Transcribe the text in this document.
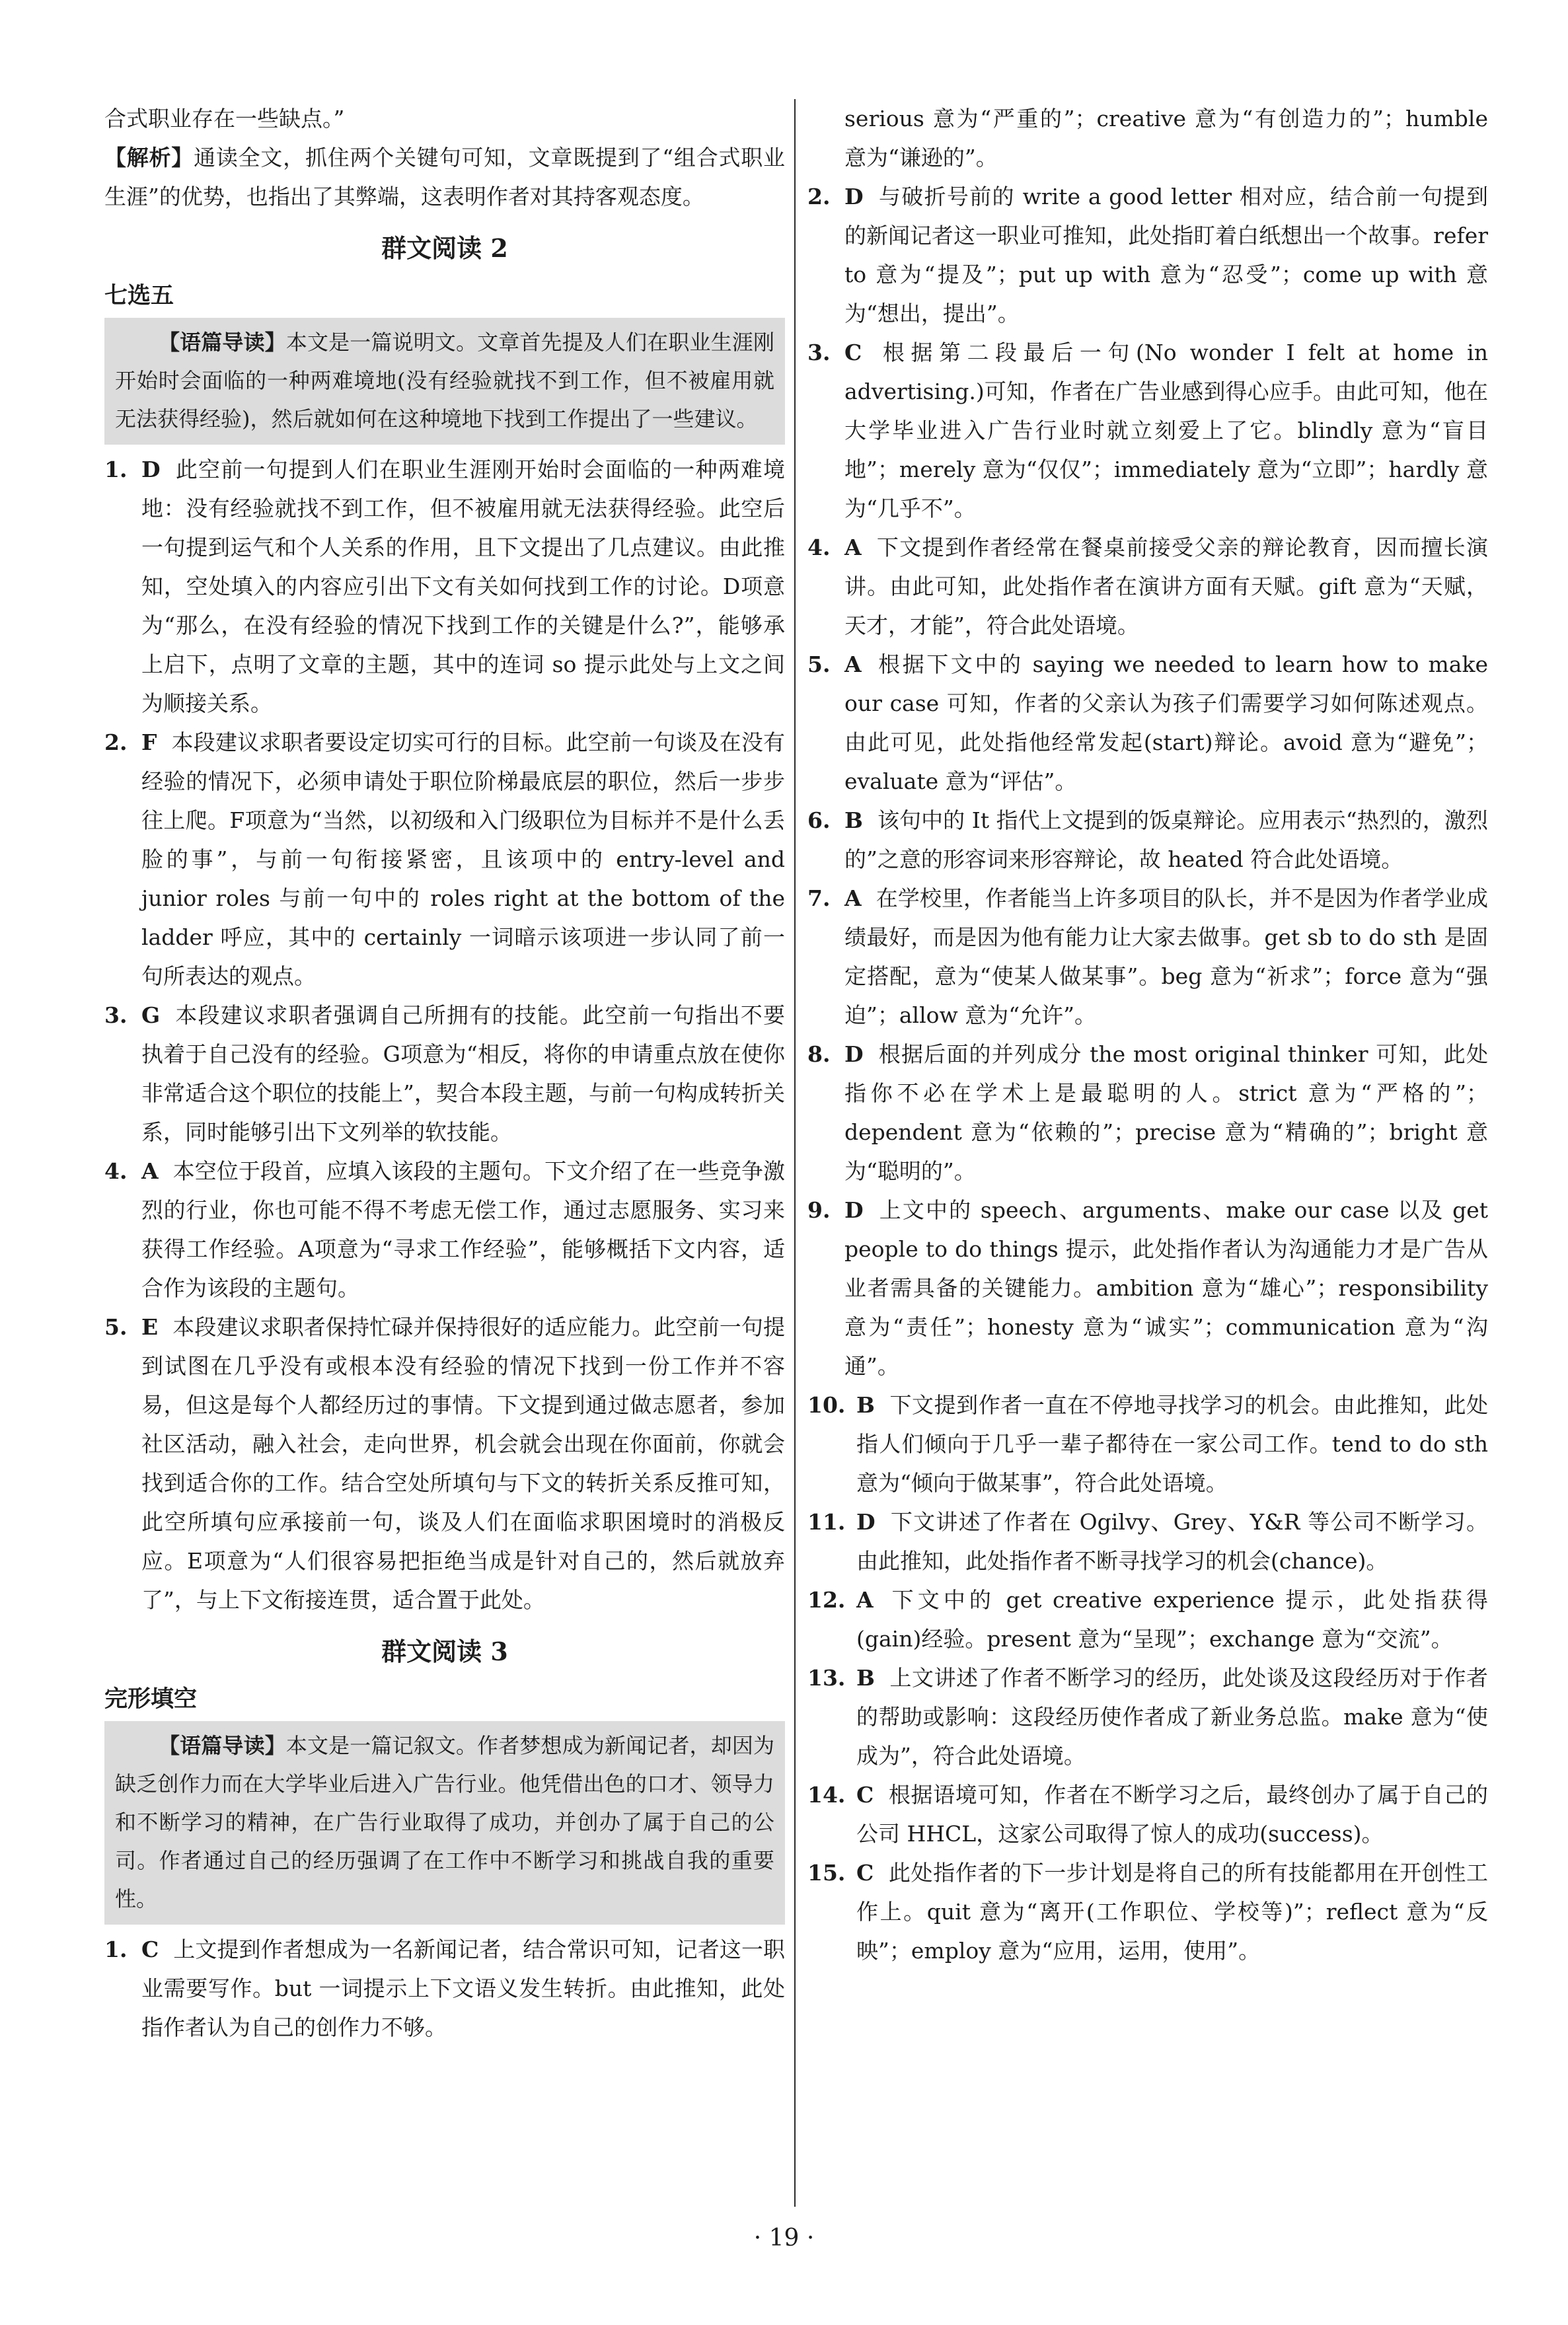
合式职业存在一些缺点。”

【解析】通读全文，抓住两个关键句可知，文章既提到了“组合式职业生涯”的优势，也指出了其弊端，这表明作者对其持客观态度。

群文阅读 2
七选五

【语篇导读】本文是一篇说明文。文章首先提及人们在职业生涯刚开始时会面临的一种两难境地(没有经验就找不到工作，但不被雇用就无法获得经验)，然后就如何在这种境地下找到工作提出了一些建议。

1. D 此空前一句提到人们在职业生涯刚开始时会面临的一种两难境地：没有经验就找不到工作，但不被雇用就无法获得经验。此空后一句提到运气和个人关系的作用，且下文提出了几点建议。由此推知，空处填入的内容应引出下文有关如何找到工作的讨论。D项意为“那么，在没有经验的情况下找到工作的关键是什么?”，能够承上启下，点明了文章的主题，其中的连词 so 提示此处与上文之间为顺接关系。

2. F 本段建议求职者要设定切实可行的目标。此空前一句谈及在没有经验的情况下，必须申请处于职位阶梯最底层的职位，然后一步步往上爬。F项意为“当然，以初级和入门级职位为目标并不是什么丢脸的事”，与前一句衔接紧密，且该项中的 entry-level and junior roles 与前一句中的 roles right at the bottom of the ladder 呼应，其中的 certainly 一词暗示该项进一步认同了前一句所表达的观点。

3. G 本段建议求职者强调自己所拥有的技能。此空前一句指出不要执着于自己没有的经验。G项意为“相反，将你的申请重点放在使你非常适合这个职位的技能上”，契合本段主题，与前一句构成转折关系，同时能够引出下文列举的软技能。

4. A 本空位于段首，应填入该段的主题句。下文介绍了在一些竞争激烈的行业，你也可能不得不考虑无偿工作，通过志愿服务、实习来获得工作经验。A项意为“寻求工作经验”，能够概括下文内容，适合作为该段的主题句。

5. E 本段建议求职者保持忙碌并保持很好的适应能力。此空前一句提到试图在几乎没有或根本没有经验的情况下找到一份工作并不容易，但这是每个人都经历过的事情。下文提到通过做志愿者，参加社区活动，融入社会，走向世界，机会就会出现在你面前，你就会找到适合你的工作。结合空处所填句与下文的转折关系反推可知，此空所填句应承接前一句，谈及人们在面临求职困境时的消极反应。E项意为“人们很容易把拒绝当成是针对自己的，然后就放弃了”，与上下文衔接连贯，适合置于此处。

群文阅读 3
完形填空

【语篇导读】本文是一篇记叙文。作者梦想成为新闻记者，却因为缺乏创作力而在大学毕业后进入广告行业。他凭借出色的口才、领导力和不断学习的精神，在广告行业取得了成功，并创办了属于自己的公司。作者通过自己的经历强调了在工作中不断学习和挑战自我的重要性。

1. C 上文提到作者想成为一名新闻记者，结合常识可知，记者这一职业需要写作。but 一词提示上下文语义发生转折。由此推知，此处指作者认为自己的创作力不够。

serious 意为“严重的”；creative 意为“有创造力的”；humble 意为“谦逊的”。

2. D 与破折号前的 write a good letter 相对应，结合前一句提到的新闻记者这一职业可推知，此处指盯着白纸想出一个故事。refer to 意为“提及”；put up with 意为“忍受”；come up with 意为“想出，提出”。

3. C 根据第二段最后一句(No wonder I felt at home in advertising.)可知，作者在广告业感到得心应手。由此可知，他在大学毕业进入广告行业时就立刻爱上了它。blindly 意为“盲目地”；merely 意为“仅仅”；immediately 意为“立即”；hardly 意为“几乎不”。

4. A 下文提到作者经常在餐桌前接受父亲的辩论教育，因而擅长演讲。由此可知，此处指作者在演讲方面有天赋。gift 意为“天赋，天才，才能”，符合此处语境。

5. A 根据下文中的 saying we needed to learn how to make our case 可知，作者的父亲认为孩子们需要学习如何陈述观点。由此可见，此处指他经常发起(start)辩论。avoid 意为“避免”；evaluate 意为“评估”。

6. B 该句中的 It 指代上文提到的饭桌辩论。应用表示“热烈的，激烈的”之意的形容词来形容辩论，故 heated 符合此处语境。

7. A 在学校里，作者能当上许多项目的队长，并不是因为作者学业成绩最好，而是因为他有能力让大家去做事。get sb to do sth 是固定搭配，意为“使某人做某事”。beg 意为“祈求”；force 意为“强迫”；allow 意为“允许”。

8. D 根据后面的并列成分 the most original thinker 可知，此处指你不必在学术上是最聪明的人。strict 意为“严格的”；dependent 意为“依赖的”；precise 意为“精确的”；bright 意为“聪明的”。

9. D 上文中的 speech、arguments、make our case 以及 get people to do things 提示，此处指作者认为沟通能力才是广告从业者需具备的关键能力。ambition 意为“雄心”；responsibility 意为“责任”；honesty 意为“诚实”；communication 意为“沟通”。

10. B 下文提到作者一直在不停地寻找学习的机会。由此推知，此处指人们倾向于几乎一辈子都待在一家公司工作。tend to do sth 意为“倾向于做某事”，符合此处语境。

11. D 下文讲述了作者在 Ogilvy、Grey、Y&R 等公司不断学习。由此推知，此处指作者不断寻找学习的机会(chance)。

12. A 下文中的 get creative experience 提示，此处指获得(gain)经验。present 意为“呈现”；exchange 意为“交流”。

13. B 上文讲述了作者不断学习的经历，此处谈及这段经历对于作者的帮助或影响：这段经历使作者成了新业务总监。make 意为“使成为”，符合此处语境。

14. C 根据语境可知，作者在不断学习之后，最终创办了属于自己的公司 HHCL，这家公司取得了惊人的成功(success)。

15. C 此处指作者的下一步计划是将自己的所有技能都用在开创性工作上。quit 意为“离开(工作职位、学校等)”；reflect 意为“反映”；employ 意为“应用，运用，使用”。

· 19 ·
